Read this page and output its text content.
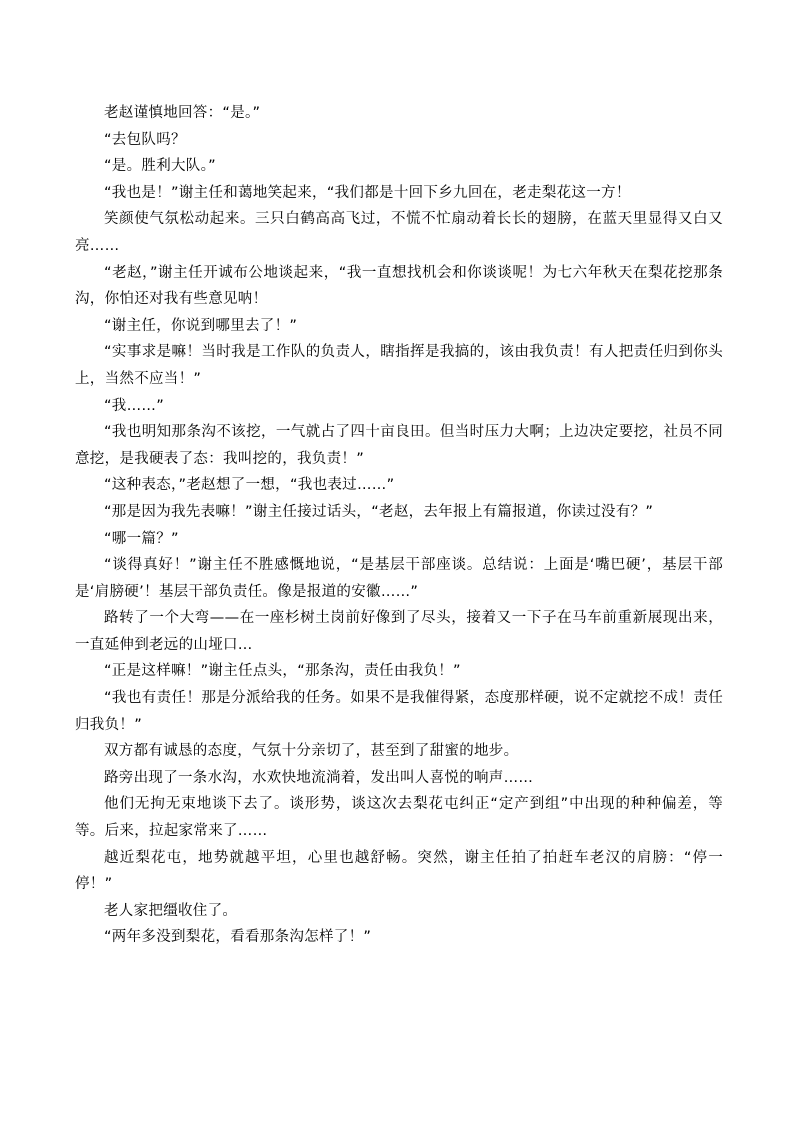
老赵谨慎地回答：“是。”

“去包队吗？

“是。胜利大队。”

“我也是！”谢主任和蔼地笑起来，“我们都是十回下乡九回在，老走梨花这一方！

笑颜使气氛松动起来。三只白鹤高高飞过，不慌不忙扇动着长长的翅膀，在蓝天里显得又白又亮……

“老赵，”谢主任开诚布公地谈起来，“我一直想找机会和你谈谈呢！为七六年秋天在梨花挖那条沟，你怕还对我有些意见呐！

“谢主任，你说到哪里去了！”

“实事求是嘛！当时我是工作队的负责人，瞎指挥是我搞的，该由我负责！有人把责任归到你头上，当然不应当！”

“我……”

“我也明知那条沟不该挖，一气就占了四十亩良田。但当时压力大啊；上边决定要挖，社员不同意挖，是我硬表了态：我叫挖的，我负责！”

“这种表态，”老赵想了一想，“我也表过……”

“那是因为我先表嘛！”谢主任接过话头，“老赵，去年报上有篇报道，你读过没有？”

“哪一篇？”

“谈得真好！”谢主任不胜感慨地说，“是基层干部座谈。总结说：上面是‘嘴巴硬’，基层干部是‘肩膀硬’！基层干部负责任。像是报道的安徽……”

路转了一个大弯——在一座杉树土岗前好像到了尽头，接着又一下子在马车前重新展现出来，一直延伸到老远的山垭口…

“正是这样嘛！”谢主任点头，“那条沟，责任由我负！”

“我也有责任！那是分派给我的任务。如果不是我催得紧，态度那样硬，说不定就挖不成！责任归我负！”

双方都有诚恳的态度，气氛十分亲切了，甚至到了甜蜜的地步。

路旁出现了一条水沟，水欢快地流淌着，发出叫人喜悦的响声……

他们无拘无束地谈下去了。谈形势，谈这次去梨花屯纠正“定产到组”中出现的种种偏差，等等。后来，拉起家常来了……

越近梨花屯，地势就越平坦，心里也越舒畅。突然，谢主任拍了拍赶车老汉的肩膀：“停一停！”

老人家把缰收住了。

“两年多没到梨花，看看那条沟怎样了！”
